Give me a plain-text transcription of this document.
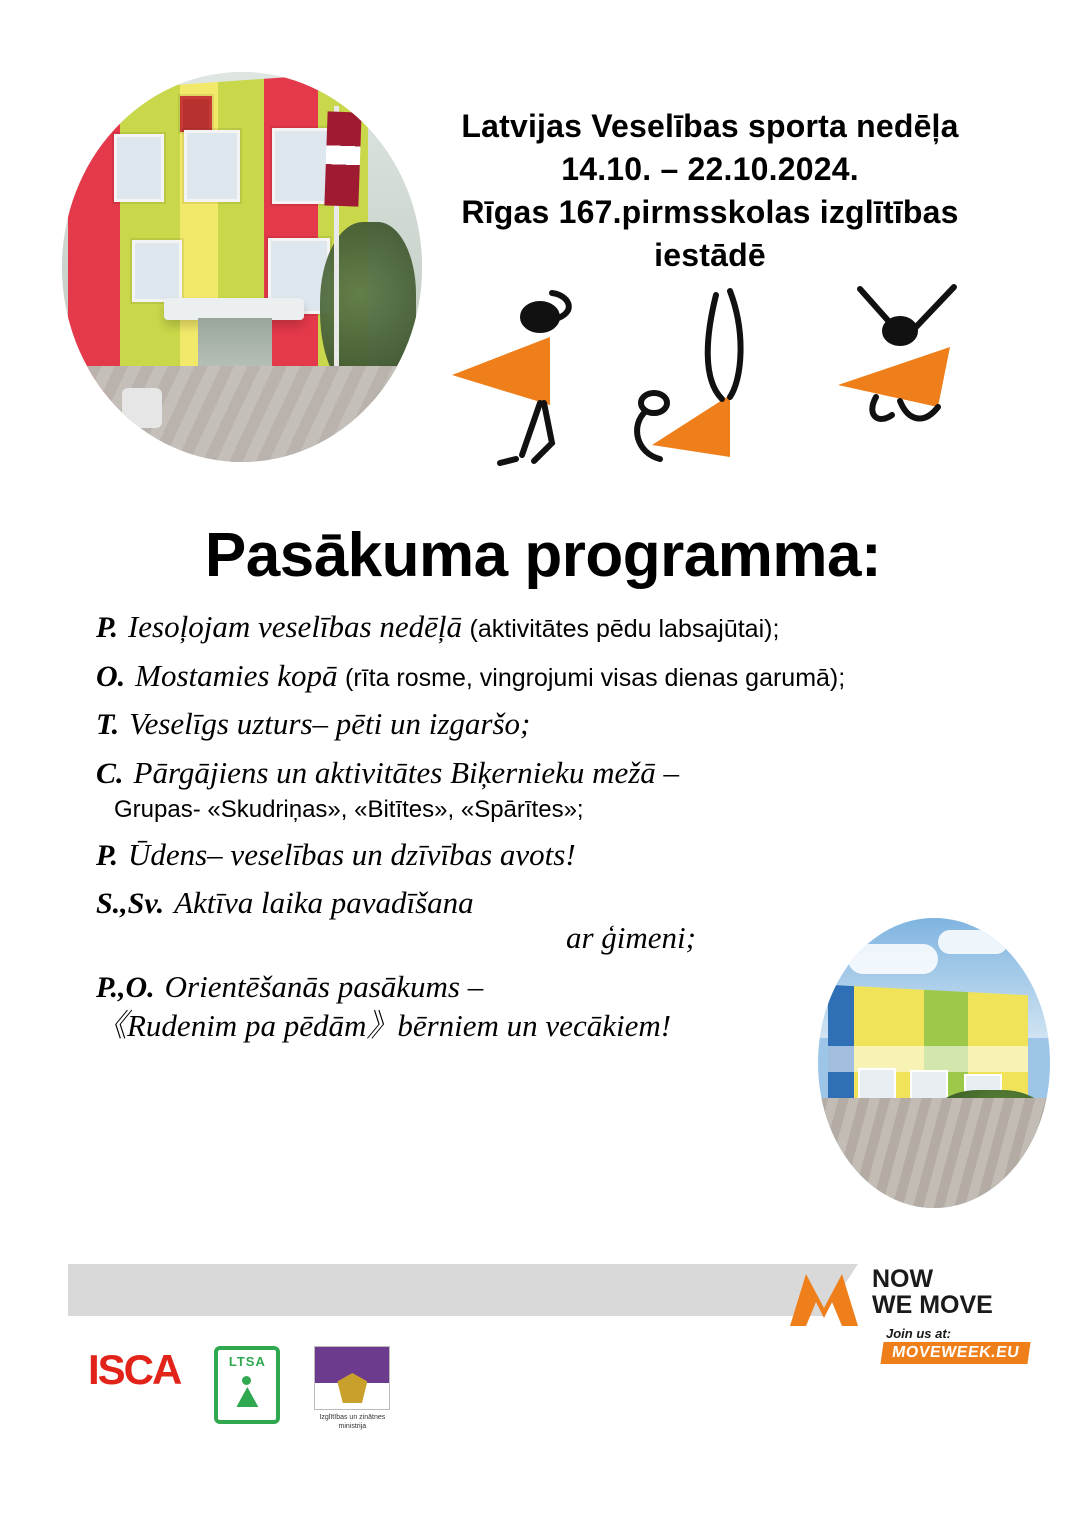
Latvijas Veselības sporta nedēļa
14.10. – 22.10.2024.
Rīgas 167.pirmsskolas izglītības
iestādē
Pasākuma programma:
P. Iesoļojam veselības nedēļā (aktivitātes pēdu labsajūtai);
O. Mostamies kopā (rīta rosme, vingrojumi visas dienas garumā);
T. Veselīgs uzturs– pēti un izgaršo;
C. Pārgājiens un aktivitātes Biķernieku mežā –
Grupas- «Skudriņas», «Bitītes», «Spārītes»;
P. Ūdens– veselības un dzīvības avots!
S.,Sv. Aktīva laika pavadīšana
ar ģimeni;
P.,O. Orientēšanās pasākums –
《Rudenim pa pēdām》bērniem un vecākiem!
ISCA	LTSA
Izglītības un zinātnes ministrija
NOW
WE MOVE
Join us at:
MOVEWEEK.EU
